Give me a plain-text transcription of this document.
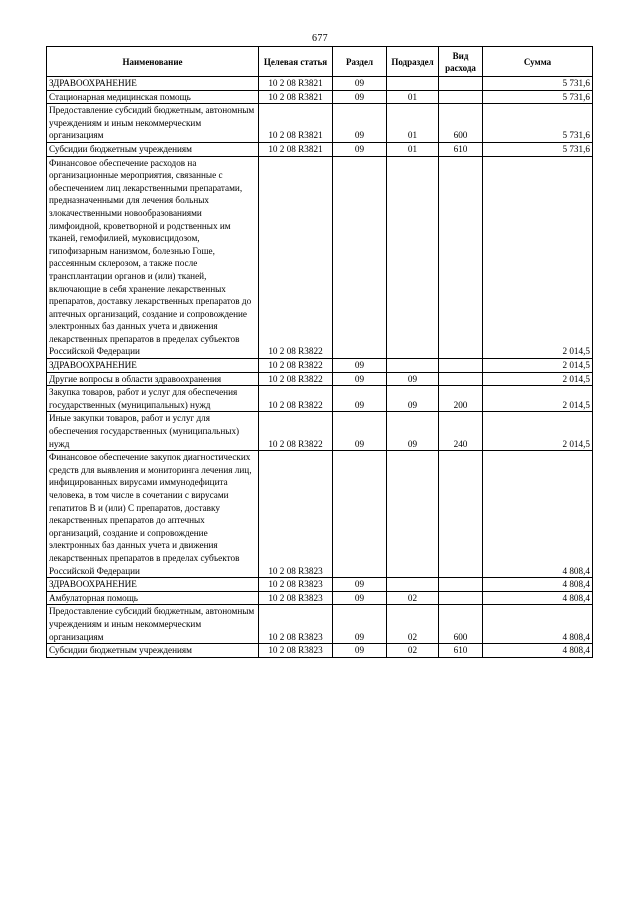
677
Наименование	Целевая статья	Раздел	Подраздел	Вид расхода	Сумма
ЗДРАВООХРАНЕНИЕ	10 2 08 R3821	09			5 731,6
Стационарная медицинская помощь	10 2 08 R3821	09	01		5 731,6
Предоставление субсидий бюджетным, автономным учреждениям и иным некоммерческим организациям	10 2 08 R3821	09	01	600	5 731,6
Субсидии бюджетным учреждениям	10 2 08 R3821	09	01	610	5 731,6
Финансовое обеспечение расходов на организационные мероприятия, связанные с обеспечением лиц лекарственными препаратами, предназначенными для лечения больных злокачественными новообразованиями лимфоидной, кроветворной и родственных им тканей, гемофилией, муковисцидозом, гипофизарным нанизмом, болезнью Гоше, рассеянным склерозом, а также после трансплантации органов и (или) тканей, включающие в себя хранение лекарственных препаратов, доставку лекарственных препаратов до аптечных организаций, создание и сопровождение электронных баз данных учета и движения лекарственных препаратов в пределах субъектов Российской Федерации	10 2 08 R3822				2 014,5
ЗДРАВООХРАНЕНИЕ	10 2 08 R3822	09			2 014,5
Другие вопросы в области здравоохранения	10 2 08 R3822	09	09		2 014,5
Закупка товаров, работ и услуг для обеспечения государственных (муниципальных) нужд	10 2 08 R3822	09	09	200	2 014,5
Иные закупки товаров, работ и услуг для обеспечения государственных (муниципальных) нужд	10 2 08 R3822	09	09	240	2 014,5
Финансовое обеспечение закупок диагностических средств для выявления и мониторинга лечения лиц, инфицированных вирусами иммунодефицита человека, в том числе в сочетании с вирусами гепатитов B и (или) C препаратов, доставку лекарственных препаратов до аптечных организаций, создание и сопровождение электронных баз данных учета и движения лекарственных препаратов в пределах субъектов Российской Федерации	10 2 08 R3823				4 808,4
ЗДРАВООХРАНЕНИЕ	10 2 08 R3823	09			4 808,4
Амбулаторная помощь	10 2 08 R3823	09	02		4 808,4
Предоставление субсидий бюджетным, автономным учреждениям и иным некоммерческим организациям	10 2 08 R3823	09	02	600	4 808,4
Субсидии бюджетным учреждениям	10 2 08 R3823	09	02	610	4 808,4
